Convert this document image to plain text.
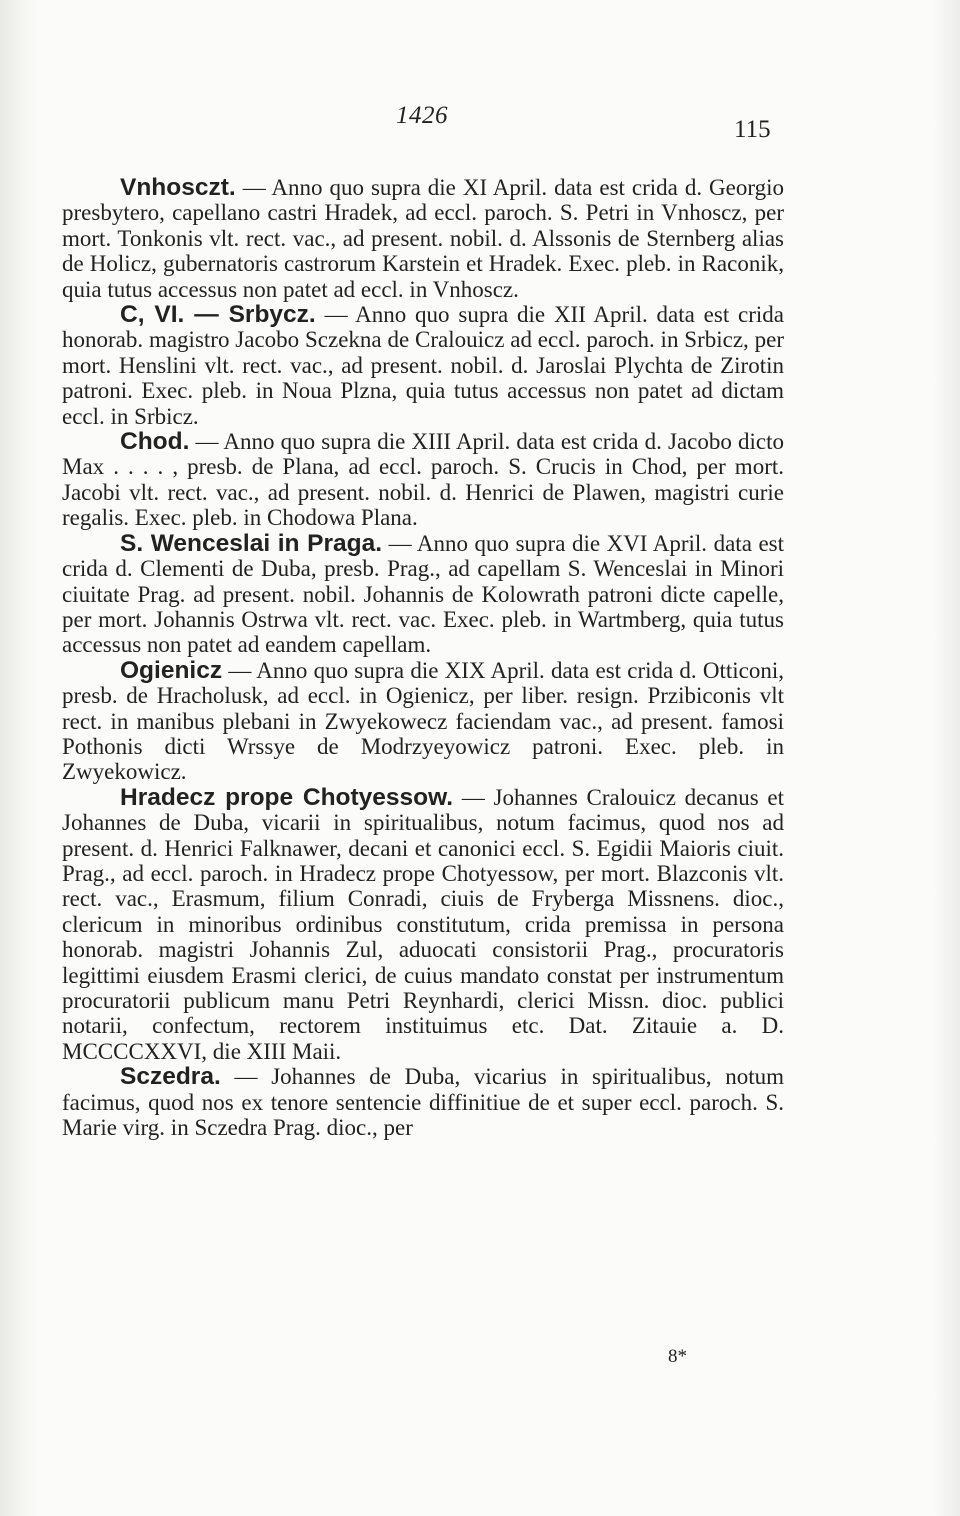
1426
115

Vnhosczt. — Anno quo supra die XI April. data est crida d. Georgio presbytero, capellano castri Hradek, ad eccl. paroch. S. Petri in Vnhoscz, per mort. Tonkonis vlt. rect. vac., ad present. nobil. d. Alssonis de Sternberg alias de Holicz, gubernatoris castrorum Karstein et Hradek. Exec. pleb. in Raconik, quia tutus accessus non patet ad eccl. in Vnhoscz.

C, VI. — Srbycz. — Anno quo supra die XII April. data est crida honorab. magistro Jacobo Sczekna de Cralouicz ad eccl. paroch. in Srbicz, per mort. Henslini vlt. rect. vac., ad present. nobil. d. Jaroslai Plychta de Zirotin patroni. Exec. pleb. in Noua Plzna, quia tutus accessus non patet ad dictam eccl. in Srbicz.

Chod. — Anno quo supra die XIII April. data est crida d. Jacobo dicto Max . . . . , presb. de Plana, ad eccl. paroch. S. Crucis in Chod, per mort. Jacobi vlt. rect. vac., ad present. nobil. d. Henrici de Plawen, magistri curie regalis. Exec. pleb. in Chodowa Plana.

S. Wenceslai in Praga. — Anno quo supra die XVI April. data est crida d. Clementi de Duba, presb. Prag., ad capellam S. Wenceslai in Minori ciuitate Prag. ad present. nobil. Johannis de Kolowrath patroni dicte capelle, per mort. Johannis Ostrwa vlt. rect. vac. Exec. pleb. in Wartmberg, quia tutus accessus non patet ad eandem capellam.

Ogienicz — Anno quo supra die XIX April. data est crida d. Otticoni, presb. de Hracholusk, ad eccl. in Ogienicz, per liber. resign. Przibiconis vlt rect. in manibus plebani in Zwyekowecz faciendam vac., ad present. famosi Pothonis dicti Wrssye de Modrzyeyowicz patroni. Exec. pleb. in Zwyekowicz.

Hradecz prope Chotyessow. — Johannes Cralouicz decanus et Johannes de Duba, vicarii in spiritualibus, notum facimus, quod nos ad present. d. Henrici Falknawer, decani et canonici eccl. S. Egidii Maioris ciuit. Prag., ad eccl. paroch. in Hradecz prope Chotyessow, per mort. Blazconis vlt. rect. vac., Erasmum, filium Conradi, ciuis de Fryberga Missnens. dioc., clericum in minoribus ordinibus constitutum, crida premissa in persona honorab. magistri Johannis Zul, aduocati consistorii Prag., procuratoris legittimi eiusdem Erasmi clerici, de cuius mandato constat per instrumentum procuratorii publicum manu Petri Reynhardi, clerici Missn. dioc. publici notarii, confectum, rectorem instituimus etc. Dat. Zitauie a. D. MCCCCXXVI, die XIII Maii.

Sczedra. — Johannes de Duba, vicarius in spiritualibus, notum facimus, quod nos ex tenore sentencie diffinitiue de et super eccl. paroch. S. Marie virg. in Sczedra Prag. dioc., per

8*
